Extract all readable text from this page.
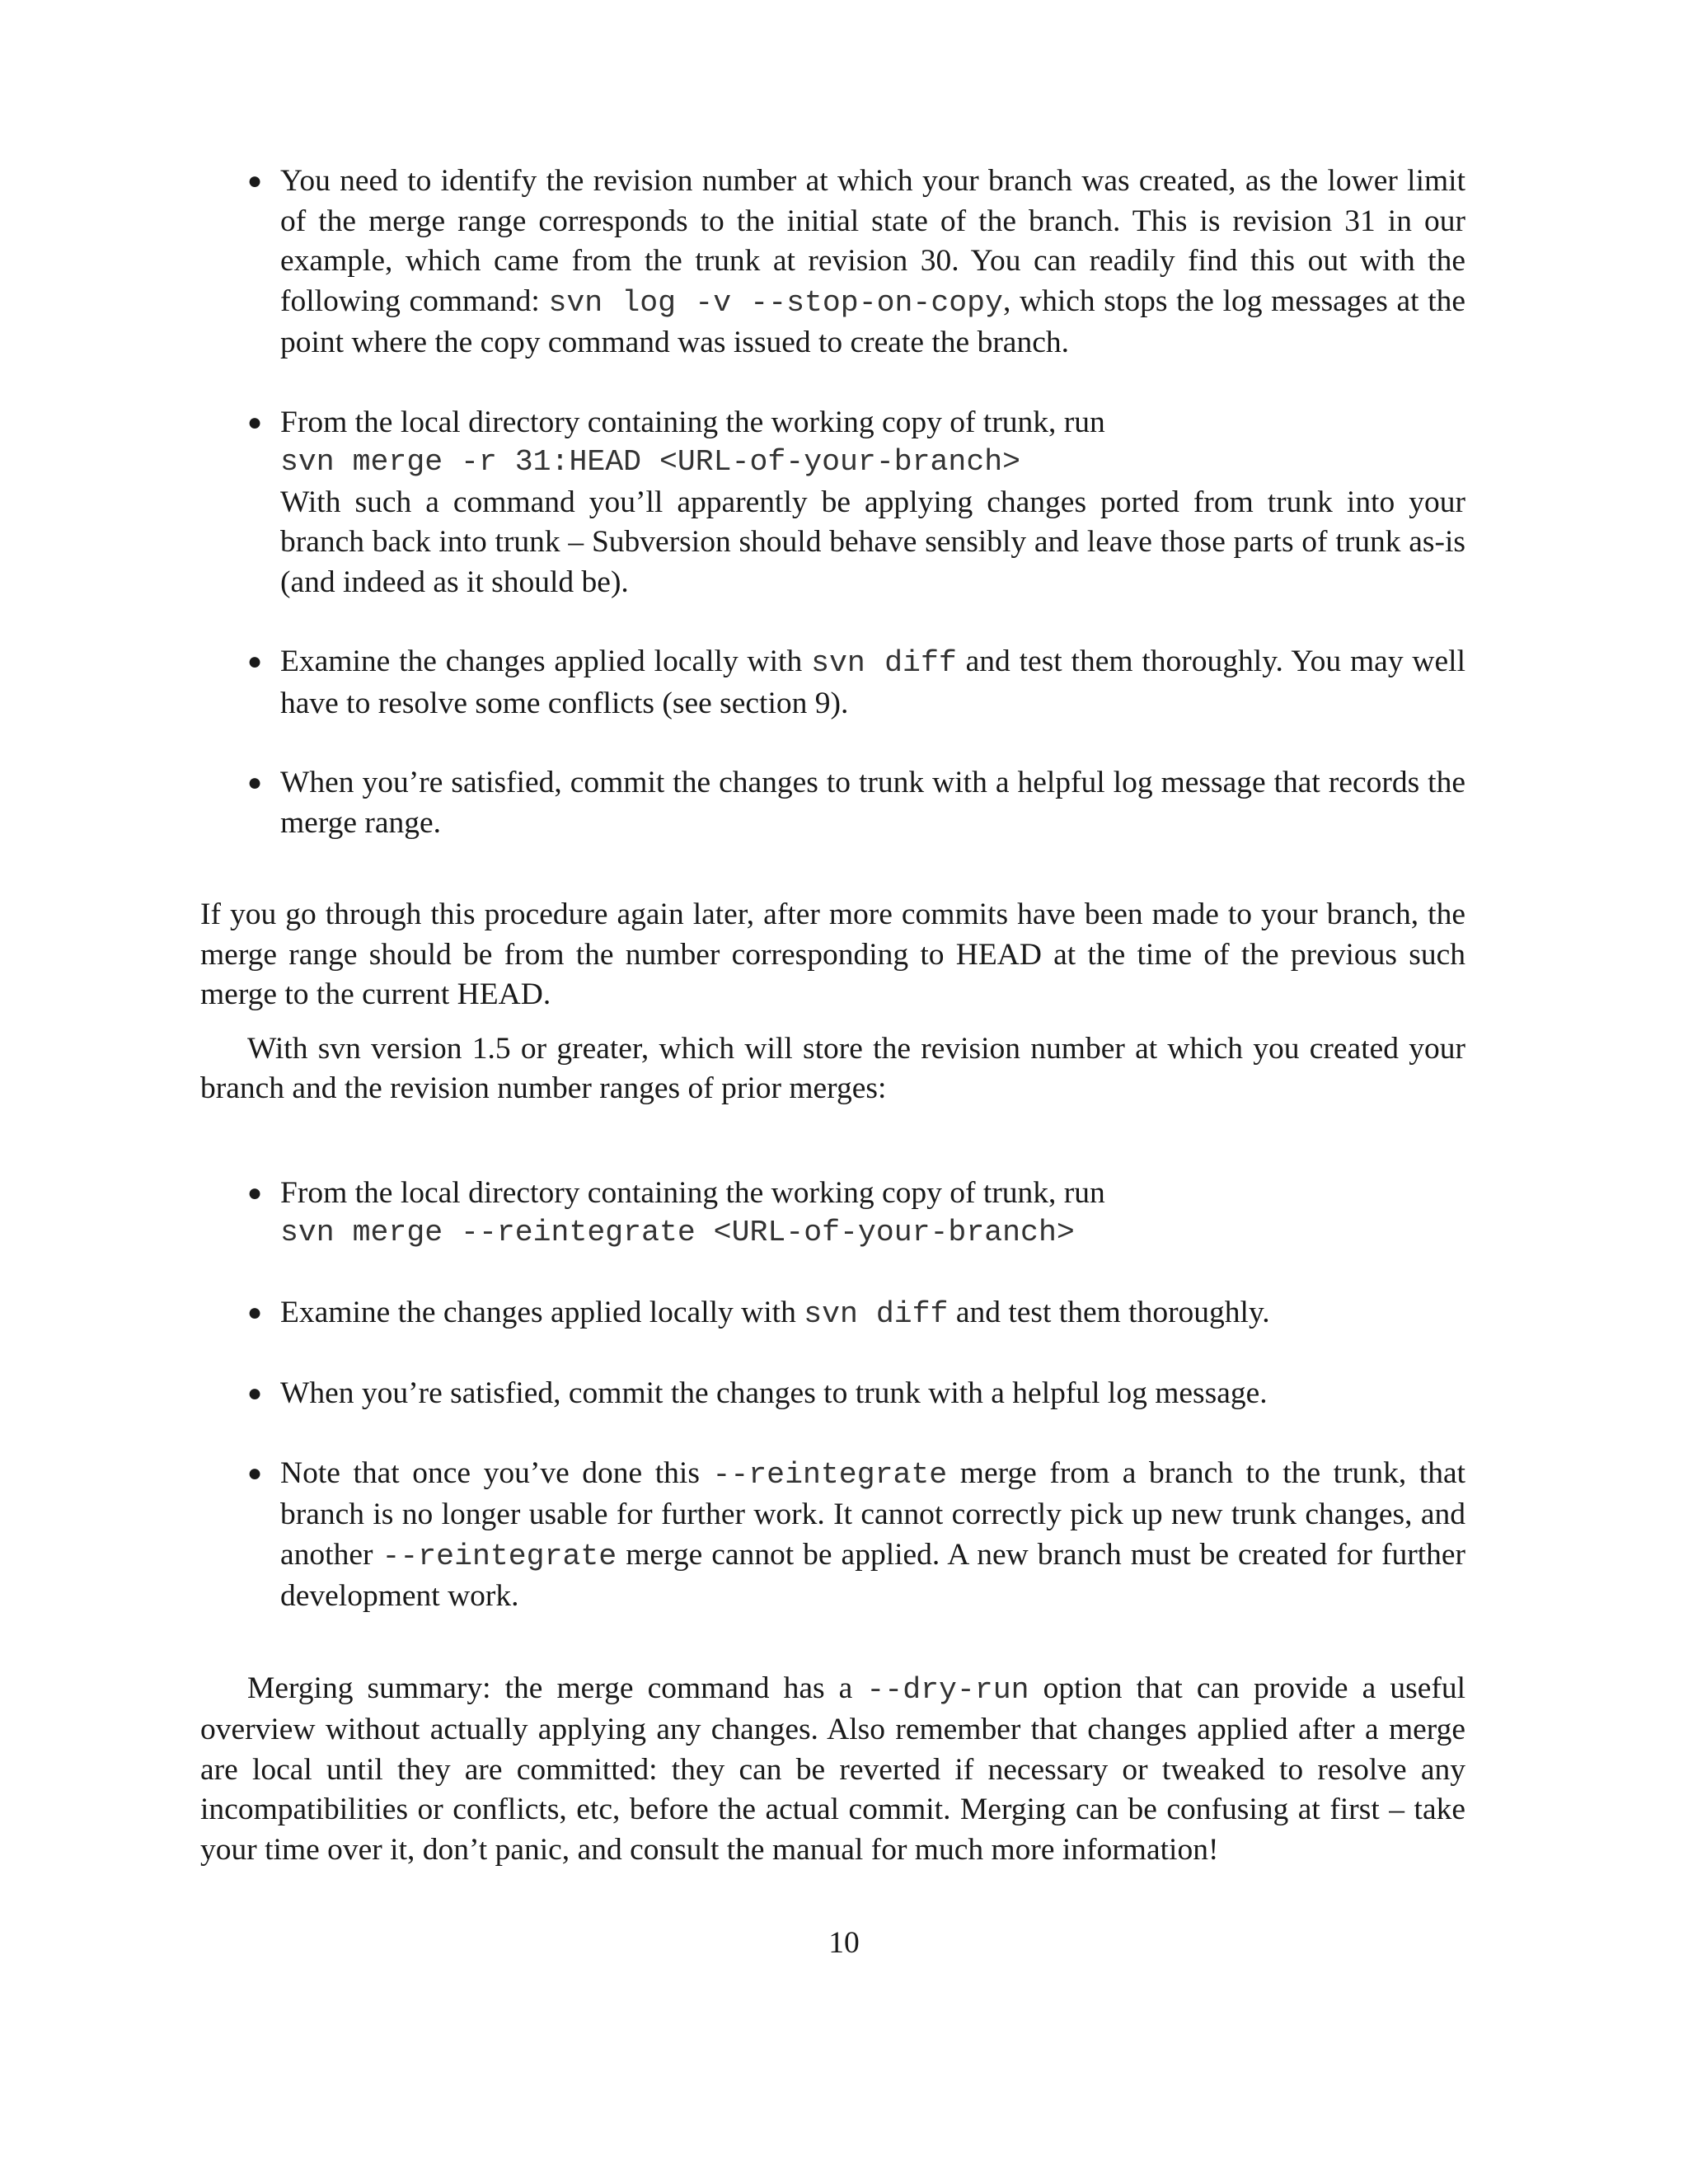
● You need to identify the revision number at which your branch was created, as the lower limit of the merge range corresponds to the initial state of the branch. This is revision 31 in our example, which came from the trunk at revision 30. You can readily find this out with the following command: svn log -v --stop-on-copy, which stops the log messages at the point where the copy command was issued to create the branch.
● From the local directory containing the working copy of trunk, run
svn merge -r 31:HEAD <URL-of-your-branch>
With such a command you’ll apparently be applying changes ported from trunk into your branch back into trunk – Subversion should behave sensibly and leave those parts of trunk as-is (and indeed as it should be).
● Examine the changes applied locally with svn diff and test them thoroughly. You may well have to resolve some conflicts (see section 9).
● When you’re satisfied, commit the changes to trunk with a helpful log message that records the merge range.

If you go through this procedure again later, after more commits have been made to your branch, the merge range should be from the number corresponding to HEAD at the time of the previous such merge to the current HEAD.

With svn version 1.5 or greater, which will store the revision number at which you created your branch and the revision number ranges of prior merges:

● From the local directory containing the working copy of trunk, run
svn merge --reintegrate <URL-of-your-branch>
● Examine the changes applied locally with svn diff and test them thoroughly.
● When you’re satisfied, commit the changes to trunk with a helpful log message.
● Note that once you’ve done this --reintegrate merge from a branch to the trunk, that branch is no longer usable for further work. It cannot correctly pick up new trunk changes, and another --reintegrate merge cannot be applied. A new branch must be created for further development work.

Merging summary: the merge command has a --dry-run option that can provide a useful overview without actually applying any changes. Also remember that changes applied after a merge are local until they are committed: they can be reverted if necessary or tweaked to resolve any incompatibilities or conflicts, etc, before the actual commit. Merging can be confusing at first – take your time over it, don’t panic, and consult the manual for much more information!

10
